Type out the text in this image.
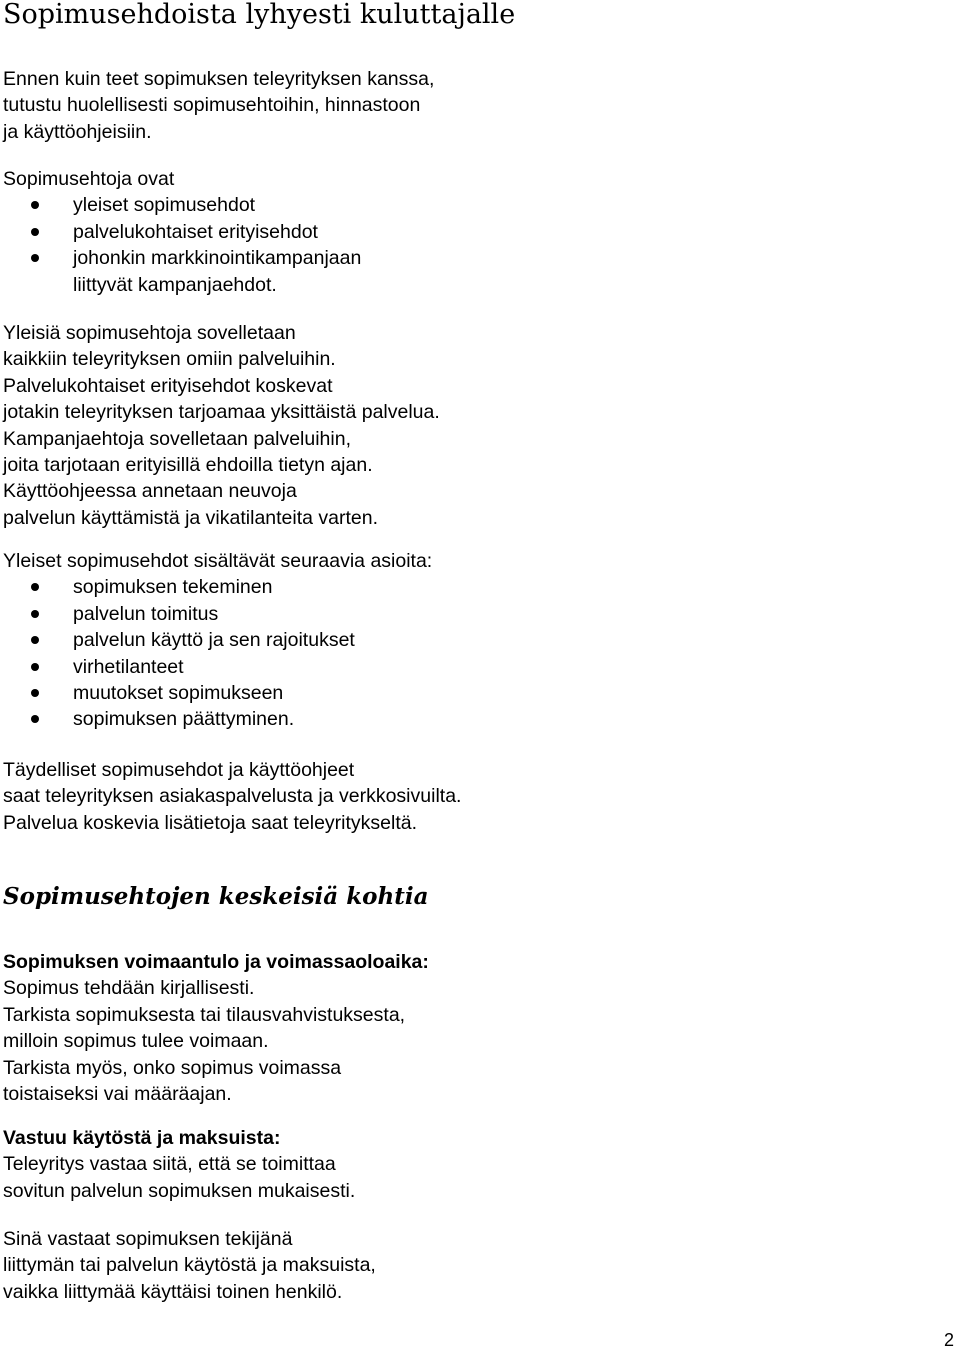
Sopimusehdoista lyhyesti kuluttajalle

Ennen kuin teet sopimuksen teleyrityksen kanssa,

tutustu huolellisesti sopimusehtoihin, hinnastoon

ja käyttöohjeisiin.

Sopimusehtoja ovat

yleiset sopimusehdot
palvelukohtaiset erityisehdot
johonkin markkinointikampanjaan
liittyvät kampanjaehdot.

Yleisiä sopimusehtoja sovelletaan

kaikkiin teleyrityksen omiin palveluihin.

Palvelukohtaiset erityisehdot koskevat

jotakin teleyrityksen tarjoamaa yksittäistä palvelua.

Kampanjaehtoja sovelletaan palveluihin,

joita tarjotaan erityisillä ehdoilla tietyn ajan.

Käyttöohjeessa annetaan neuvoja

palvelun käyttämistä ja vikatilanteita varten.

Yleiset sopimusehdot sisältävät seuraavia asioita:

sopimuksen tekeminen
palvelun toimitus
palvelun käyttö ja sen rajoitukset
virhetilanteet
muutokset sopimukseen
sopimuksen päättyminen.

Täydelliset sopimusehdot ja käyttöohjeet

saat teleyrityksen asiakaspalvelusta ja verkkosivuilta.

Palvelua koskevia lisätietoja saat teleyritykseltä.

Sopimusehtojen keskeisiä kohtia

Sopimuksen voimaantulo ja voimassaoloaika:

Sopimus tehdään kirjallisesti.

Tarkista sopimuksesta tai tilausvahvistuksesta,

milloin sopimus tulee voimaan.

Tarkista myös, onko sopimus voimassa

toistaiseksi vai määräajan.

Vastuu käytöstä ja maksuista:

Teleyritys vastaa siitä, että se toimittaa

sovitun palvelun sopimuksen mukaisesti.

Sinä vastaat sopimuksen tekijänä

liittymän tai palvelun käytöstä ja maksuista,

vaikka liittymää käyttäisi toinen henkilö.

2
